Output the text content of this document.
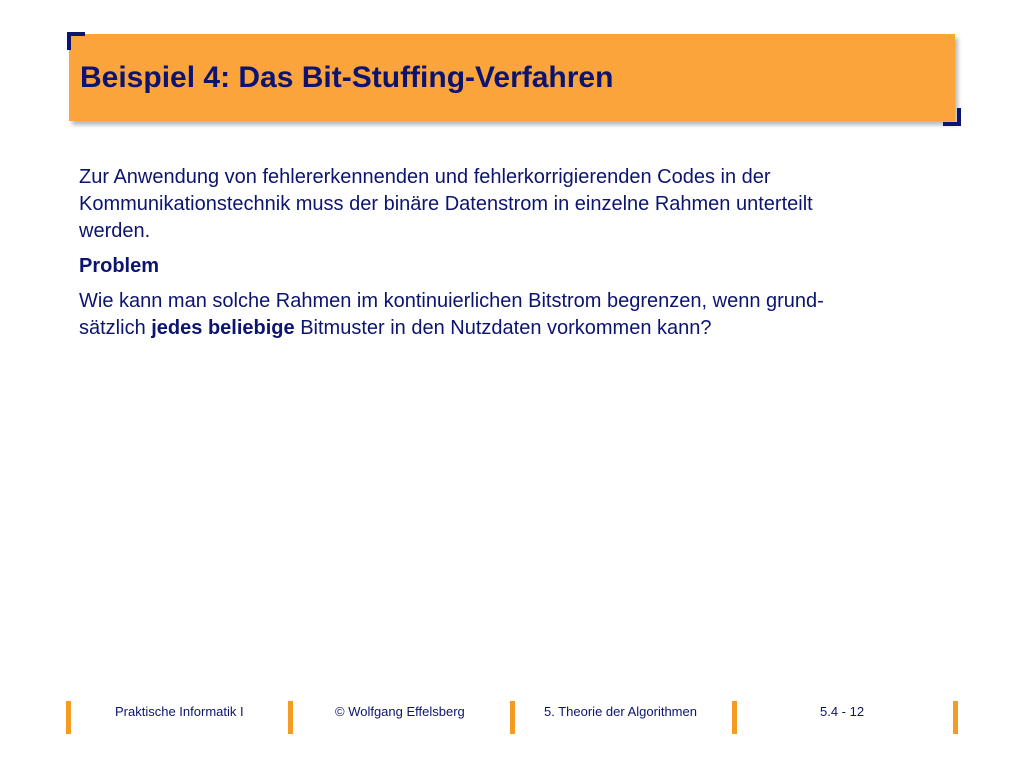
Beispiel 4: Das Bit-Stuffing-Verfahren

Zur Anwendung von fehlererkennenden und fehlerkorrigierenden Codes in der
Kommunikationstechnik muss der binäre Datenstrom in einzelne Rahmen unterteilt
werden.

Problem

Wie kann man solche Rahmen im kontinuierlichen Bitstrom begrenzen, wenn grund-
sätzlich jedes beliebige Bitmuster in den Nutzdaten vorkommen kann?

Praktische Informatik I	© Wolfgang Effelsberg	5. Theorie der Algorithmen	5.4 - 12
